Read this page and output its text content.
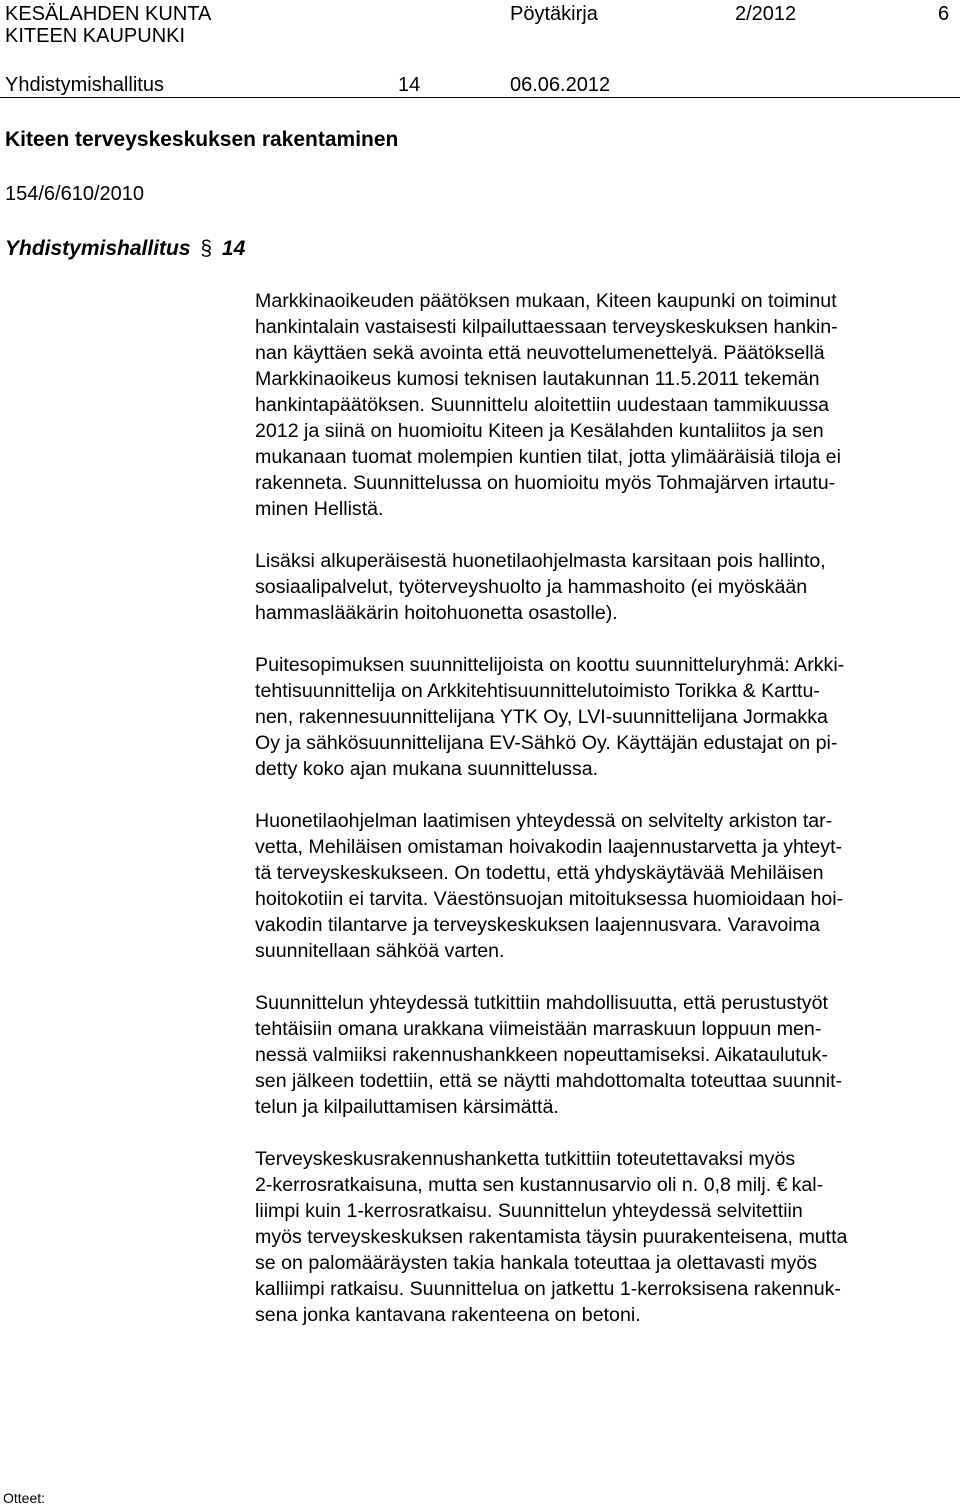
KESÄLAHDEN KUNTA
KITEEN KAUPUNKI
Pöytäkirja	2/2012	6
Yhdistymishallitus	14	06.06.2012
Kiteen terveyskeskuksen rakentaminen
154/6/610/2010
Yhdistymishallitus § 14

Markkinaoikeuden päätöksen mukaan, Kiteen kaupunki on toiminut
hankintalain vastaisesti kilpailuttaessaan terveyskeskuksen hankin-
nan käyttäen sekä avointa että neuvottelumenettelyä. Päätöksellä
Markkinaoikeus kumosi teknisen lautakunnan 11.5.2011 tekemän
hankintapäätöksen. Suunnittelu aloitettiin uudestaan tammikuussa
2012 ja siinä on huomioitu Kiteen ja Kesälahden kuntaliitos ja sen
mukanaan tuomat molempien kuntien tilat, jotta ylimääräisiä tiloja ei
rakenneta. Suunnittelussa on huomioitu myös Tohmajärven irtautu-
minen Hellistä.

Lisäksi alkuperäisestä huonetilaohjelmasta karsitaan pois hallinto,
sosiaalipalvelut, työterveyshuolto ja hammashoito (ei myöskään
hammaslääkärin hoitohuonetta osastolle).

Puitesopimuksen suunnittelijoista on koottu suunnitteluryhmä: Arkki-
tehtisuunnittelija on Arkkitehtisuunnittelutoimisto Torikka & Karttu-
nen, rakennesuunnittelijana YTK Oy, LVI-suunnittelijana Jormakka
Oy ja sähkösuunnittelijana EV-Sähkö Oy. Käyttäjän edustajat on pi-
detty koko ajan mukana suunnittelussa.

Huonetilaohjelman laatimisen yhteydessä on selvitelty arkiston tar-
vetta, Mehiläisen omistaman hoivakodin laajennustarvetta ja yhteyt-
tä terveyskeskukseen. On todettu, että yhdyskäytävää Mehiläisen
hoitokotiin ei tarvita. Väestönsuojan mitoituksessa huomioidaan hoi-
vakodin tilantarve ja terveyskeskuksen laajennusvara. Varavoima
suunnitellaan sähköä varten.

Suunnittelun yhteydessä tutkittiin mahdollisuutta, että perustustyöt
tehtäisiin omana urakkana viimeistään marraskuun loppuun men-
nessä valmiiksi rakennushankkeen nopeuttamiseksi. Aikataulutuk-
sen jälkeen todettiin, että se näytti mahdottomalta toteuttaa suunnit-
telun ja kilpailuttamisen kärsimättä.

Terveyskeskusrakennushanketta tutkittiin toteutettavaksi myös
2-kerrosratkaisuna, mutta sen kustannusarvio oli n. 0,8 milj. € kal-
liimpi kuin 1-kerrosratkaisu. Suunnittelun yhteydessä selvitettiin
myös terveyskeskuksen rakentamista täysin puurakenteisena, mutta
se on palomääräysten takia hankala toteuttaa ja olettavasti myös
kalliimpi ratkaisu. Suunnittelua on jatkettu 1-kerroksisena rakennuk-
sena jonka kantavana rakenteena on betoni.

Otteet:
